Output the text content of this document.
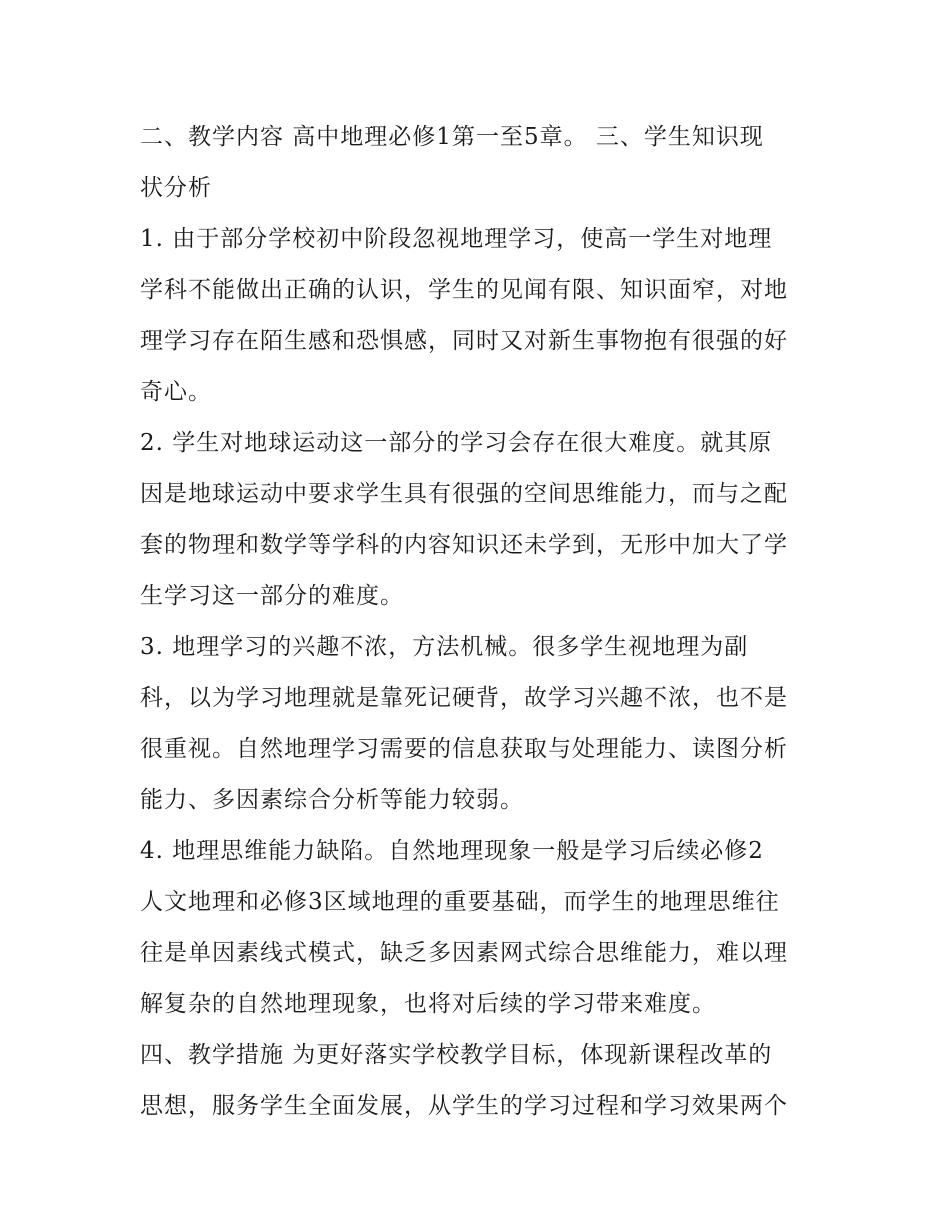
二、教学内容 高中地理必修1第一至5章。 三、学生知识现
状分析
1. 由于部分学校初中阶段忽视地理学习，使高一学生对地理
学科不能做出正确的认识，学生的见闻有限、知识面窄，对地
理学习存在陌生感和恐惧感，同时又对新生事物抱有很强的好
奇心。
2. 学生对地球运动这一部分的学习会存在很大难度。就其原
因是地球运动中要求学生具有很强的空间思维能力，而与之配
套的物理和数学等学科的内容知识还未学到，无形中加大了学
生学习这一部分的难度。
3. 地理学习的兴趣不浓，方法机械。很多学生视地理为副
科，以为学习地理就是靠死记硬背，故学习兴趣不浓，也不是
很重视。自然地理学习需要的信息获取与处理能力、读图分析
能力、多因素综合分析等能力较弱。
4. 地理思维能力缺陷。自然地理现象一般是学习后续必修2
人文地理和必修3区域地理的重要基础，而学生的地理思维往
往是单因素线式模式，缺乏多因素网式综合思维能力，难以理
解复杂的自然地理现象，也将对后续的学习带来难度。
四、教学措施 为更好落实学校教学目标，体现新课程改革的
思想，服务学生全面发展，从学生的学习过程和学习效果两个
